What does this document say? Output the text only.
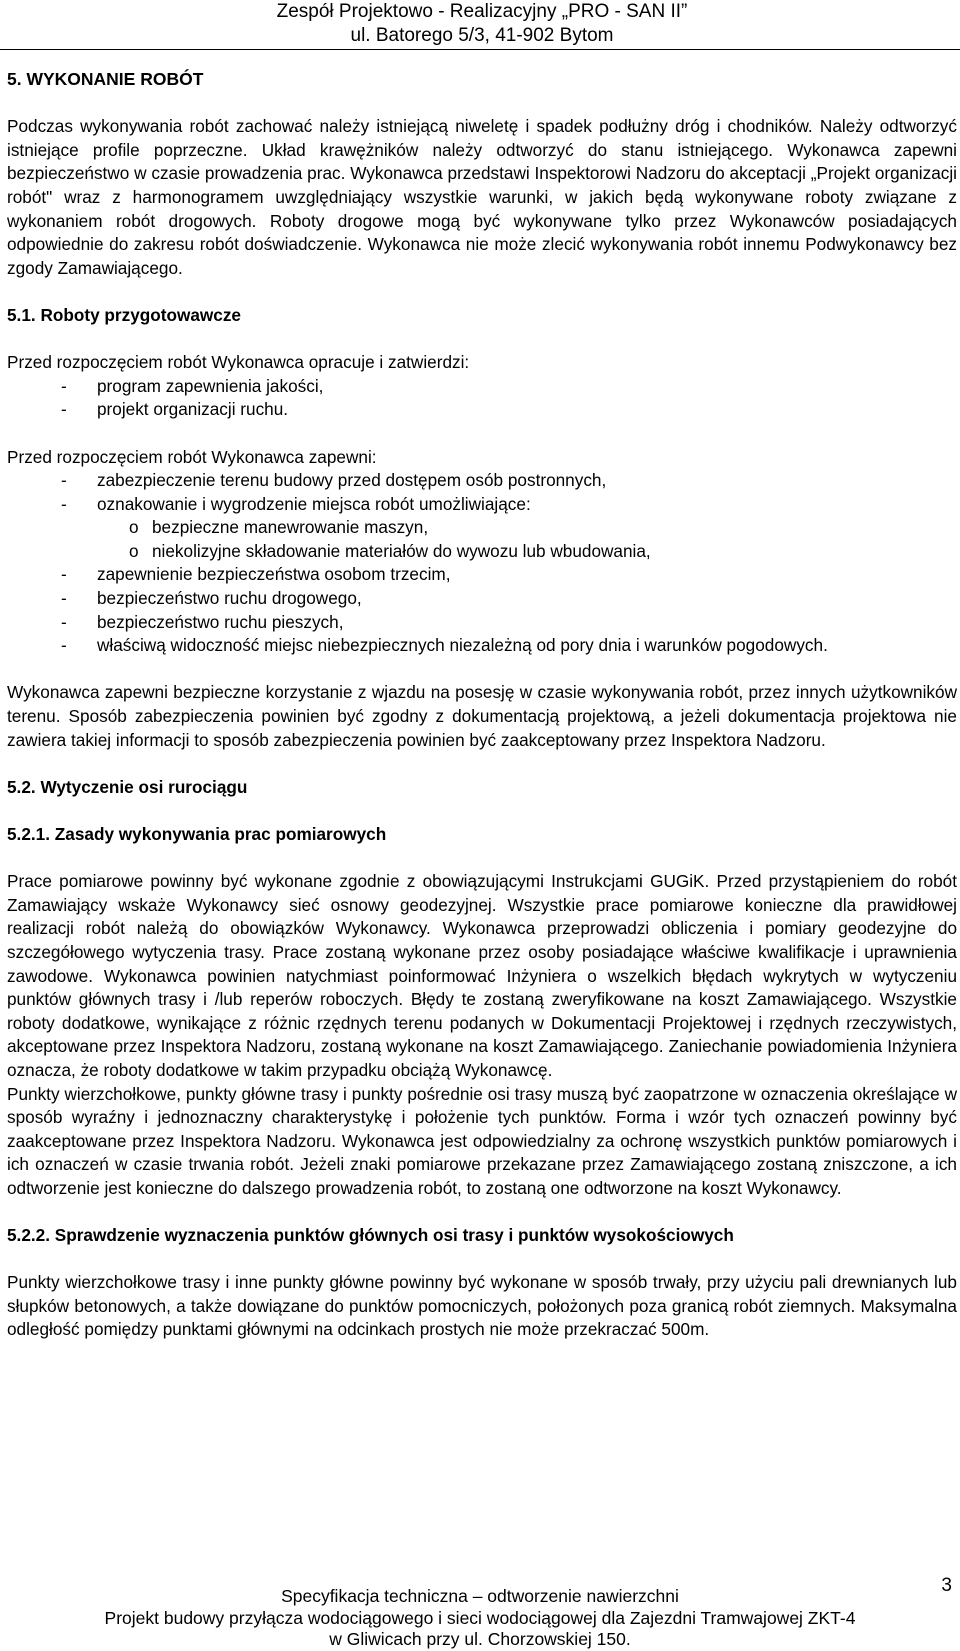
Zespół Projektowo - Realizacyjny „PRO - SAN II”
ul. Batorego 5/3, 41-902 Bytom
5. WYKONANIE ROBÓT

Podczas wykonywania robót zachować należy istniejącą niweletę i spadek podłużny dróg i chodników. Należy odtworzyć istniejące profile poprzeczne. Układ krawężników należy odtworzyć do stanu istniejącego. Wykonawca zapewni bezpieczeństwo w czasie prowadzenia prac. Wykonawca przedstawi Inspektorowi Nadzoru do akceptacji „Projekt organizacji robót" wraz z harmonogramem uwzględniający wszystkie warunki, w jakich będą wykonywane roboty związane z wykonaniem robót drogowych. Roboty drogowe mogą być wykonywane tylko przez Wykonawców posiadających odpowiednie do zakresu robót doświadczenie. Wykonawca nie może zlecić wykonywania robót innemu Podwykonawcy bez zgody Zamawiającego.

5.1. Roboty przygotowawcze

Przed rozpoczęciem robót Wykonawca opracuje i zatwierdzi:

- program zapewnienia jakości,
- projekt organizacji ruchu.

Przed rozpoczęciem robót Wykonawca zapewni:

- zabezpieczenie terenu budowy przed dostępem osób postronnych,
- oznakowanie i wygrodzenie miejsca robót umożliwiające:
o bezpieczne manewrowanie maszyn,
o niekolizyjne składowanie materiałów do wywozu lub wbudowania,
- zapewnienie bezpieczeństwa osobom trzecim,
- bezpieczeństwo ruchu drogowego,
- bezpieczeństwo ruchu pieszych,
- właściwą widoczność miejsc niebezpiecznych niezależną od pory dnia i warunków pogodowych.

Wykonawca zapewni bezpieczne korzystanie z wjazdu na posesję w czasie wykonywania robót, przez innych użytkowników terenu. Sposób zabezpieczenia powinien być zgodny z dokumentacją projektową, a jeżeli dokumentacja projektowa nie zawiera takiej informacji to sposób zabezpieczenia powinien być zaakceptowany przez Inspektora Nadzoru.

5.2. Wytyczenie osi rurociągu
5.2.1. Zasady wykonywania prac pomiarowych

Prace pomiarowe powinny być wykonane zgodnie z obowiązującymi Instrukcjami GUGiK. Przed przystąpieniem do robót Zamawiający wskaże Wykonawcy sieć osnowy geodezyjnej. Wszystkie prace pomiarowe konieczne dla prawidłowej realizacji robót należą do obowiązków Wykonawcy. Wykonawca przeprowadzi obliczenia i pomiary geodezyjne do szczegółowego wytyczenia trasy. Prace zostaną wykonane przez osoby posiadające właściwe kwalifikacje i uprawnienia zawodowe. Wykonawca powinien natychmiast poinformować Inżyniera o wszelkich błędach wykrytych w wytyczeniu punktów głównych trasy i /lub reperów roboczych. Błędy te zostaną zweryfikowane na koszt Zamawiającego. Wszystkie roboty dodatkowe, wynikające z różnic rzędnych terenu podanych w Dokumentacji Projektowej i rzędnych rzeczywistych, akceptowane przez Inspektora Nadzoru, zostaną wykonane na koszt Zamawiającego. Zaniechanie powiadomienia Inżyniera oznacza, że roboty dodatkowe w takim przypadku obciążą Wykonawcę.

Punkty wierzchołkowe, punkty główne trasy i punkty pośrednie osi trasy muszą być zaopatrzone w oznaczenia określające w sposób wyraźny i jednoznaczny charakterystykę i położenie tych punktów. Forma i wzór tych oznaczeń powinny być zaakceptowane przez Inspektora Nadzoru. Wykonawca jest odpowiedzialny za ochronę wszystkich punktów pomiarowych i ich oznaczeń w czasie trwania robót. Jeżeli znaki pomiarowe przekazane przez Zamawiającego zostaną zniszczone, a ich odtworzenie jest konieczne do dalszego prowadzenia robót, to zostaną one odtworzone na koszt Wykonawcy.

5.2.2. Sprawdzenie wyznaczenia punktów głównych osi trasy i punktów wysokościowych

Punkty wierzchołkowe trasy i inne punkty główne powinny być wykonane w sposób trwały, przy użyciu pali drewnianych lub słupków betonowych, a także dowiązane do punktów pomocniczych, położonych poza granicą robót ziemnych. Maksymalna odległość pomiędzy punktami głównymi na odcinkach prostych nie może przekraczać 500m.

3
Specyfikacja techniczna – odtworzenie nawierzchni
Projekt budowy przyłącza wodociągowego i sieci wodociągowej dla Zajezdni Tramwajowej ZKT-4
w Gliwicach przy ul. Chorzowskiej 150.
